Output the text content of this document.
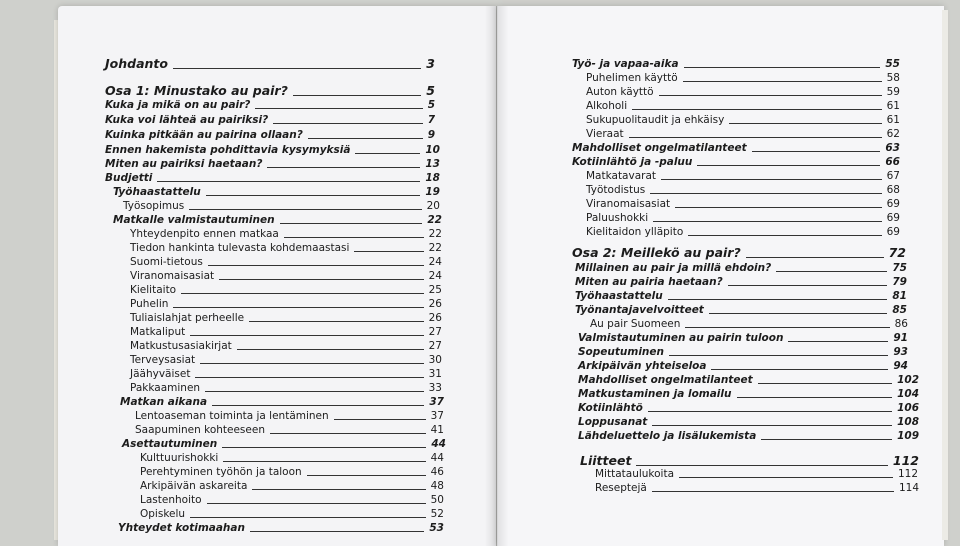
Johdanto	3
Osa 1: Minustako au pair?	5
Kuka ja mikä on au pair?	5
Kuka voi lähteä au pairiksi?	7
Kuinka pitkään au pairina ollaan?	9
Ennen hakemista pohdittavia kysymyksiä	10
Miten au pairiksi haetaan?	13
Budjetti	18
Työhaastattelu	19
Työsopimus	20
Matkalle valmistautuminen	22
Yhteydenpito ennen matkaa	22
Tiedon hankinta tulevasta kohdemaastasi	22
Suomi-tietous	24
Viranomaisasiat	24
Kielitaito	25
Puhelin	26
Tuliaislahjat perheelle	26
Matkaliput	27
Matkustusasiakirjat	27
Terveysasiat	30
Jäähyväiset	31
Pakkaaminen	33
Matkan aikana	37
Lentoaseman toiminta ja lentäminen	37
Saapuminen kohteeseen	41
Asettautuminen	44
Kulttuurishokki	44
Perehtyminen työhön ja taloon	46
Arkipäivän askareita	48
Lastenhoito	50
Opiskelu	52
Yhteydet kotimaahan	53
Työ- ja vapaa-aika	55
Puhelimen käyttö	58
Auton käyttö	59
Alkoholi	61
Sukupuolitaudit ja ehkäisy	61
Vieraat	62
Mahdolliset ongelmatilanteet	63
Kotiinlähtö ja -paluu	66
Matkatavarat	67
Työtodistus	68
Viranomaisasiat	69
Paluushokki	69
Kielitaidon ylläpito	69
Osa 2: Meillekö au pair?	72
Millainen au pair ja millä ehdoin?	75
Miten au pairia haetaan?	79
Työhaastattelu	81
Työnantajavelvoitteet	85
Au pair Suomeen	86
Valmistautuminen au pairin tuloon	91
Sopeutuminen	93
Arkipäivän yhteiseloa	94
Mahdolliset ongelmatilanteet	102
Matkustaminen ja lomailu	104
Kotiinlähtö	106
Loppusanat	108
Lähdeluettelo ja lisälukemista	109
Liitteet	112
Mittataulukoita	112
Reseptejä	114
